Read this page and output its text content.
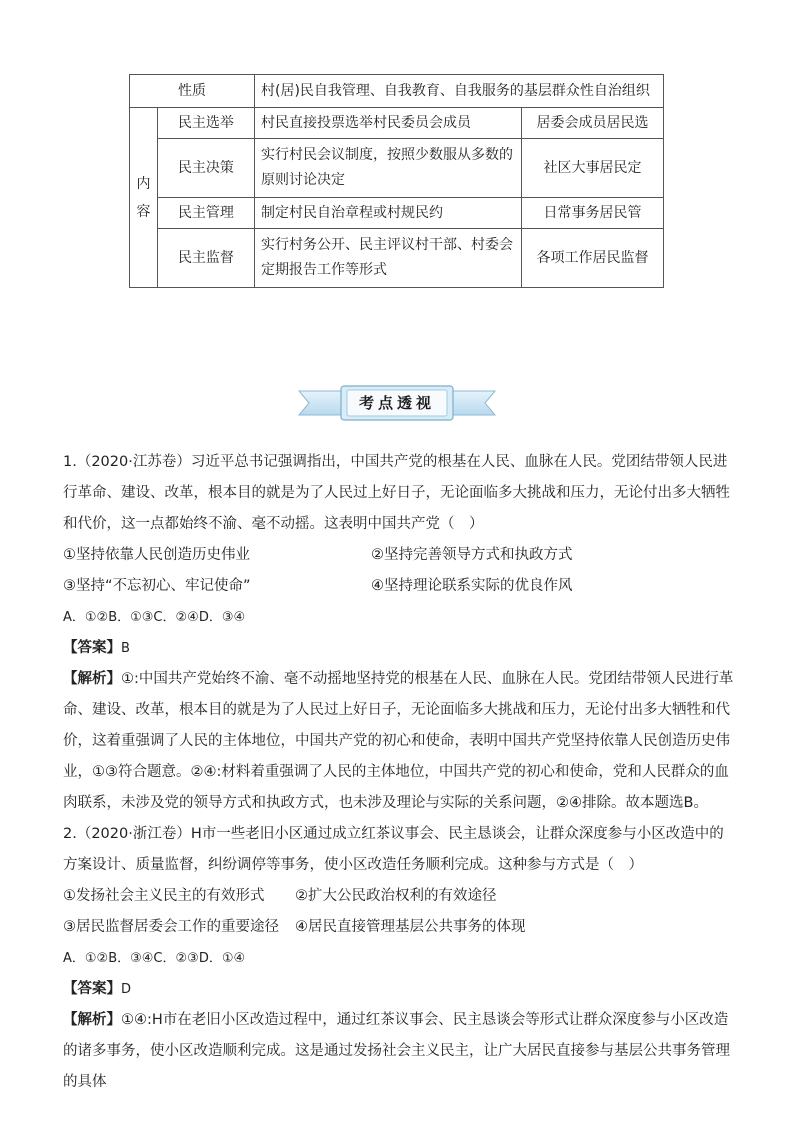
性质		村(居)民自我管理、自我教育、自我服务的基层群众性自治组织	

内
容	民主选举	村民直接投票选举村民委员会成员	居委会成员居民选
	民主决策	实行村民会议制度，按照少数服从多数的原则讨论决定	社区大事居民定
	民主管理	制定村民自治章程或村规民约	日常事务居民管
	民主监督	实行村务公开、民主评议村干部、村委会定期报告工作等形式	各项工作居民监督
考点透视
1.（2020·江苏卷）习近平总书记强调指出，中国共产党的根基在人民、血脉在人民。党团结带领人民进行革命、建设、改革，根本目的就是为了人民过上好日子，无论面临多大挑战和压力，无论付出多大牺牲和代价，这一点都始终不渝、毫不动摇。这表明中国共产党（　）
①坚持依靠人民创造历史伟业	②坚持完善领导方式和执政方式
③坚持“不忘初心、牢记使命”	④坚持理论联系实际的优良作风
A．①②B．①③C．②④D．③④
【答案】B
【解析】①:中国共产党始终不渝、毫不动摇地坚持党的根基在人民、血脉在人民。党团结带领人民进行革命、建设、改革，根本目的就是为了人民过上好日子，无论面临多大挑战和压力，无论付出多大牺牲和代价，这着重强调了人民的主体地位，中国共产党的初心和使命，表明中国共产党坚持依靠人民创造历史伟业，①③符合题意。②④:材料着重强调了人民的主体地位，中国共产党的初心和使命，党和人民群众的血肉联系，未涉及党的领导方式和执政方式，也未涉及理论与实际的关系问题，②④排除。故本题选B。
2.（2020·浙江卷）H市一些老旧小区通过成立红茶议事会、民主恳谈会，让群众深度参与小区改造中的方案设计、质量监督，纠纷调停等事务，使小区改造任务顺利完成。这种参与方式是（　）
①发扬社会主义民主的有效形式	②扩大公民政治权利的有效途径
③居民监督居委会工作的重要途径	④居民直接管理基层公共事务的体现
A．①②B．③④C．②③D．①④
【答案】D
【解析】①④:H市在老旧小区改造过程中，通过红茶议事会、民主恳谈会等形式让群众深度参与小区改造的诸多事务，使小区改造顺利完成。这是通过发扬社会主义民主，让广大居民直接参与基层公共事务管理的具体
